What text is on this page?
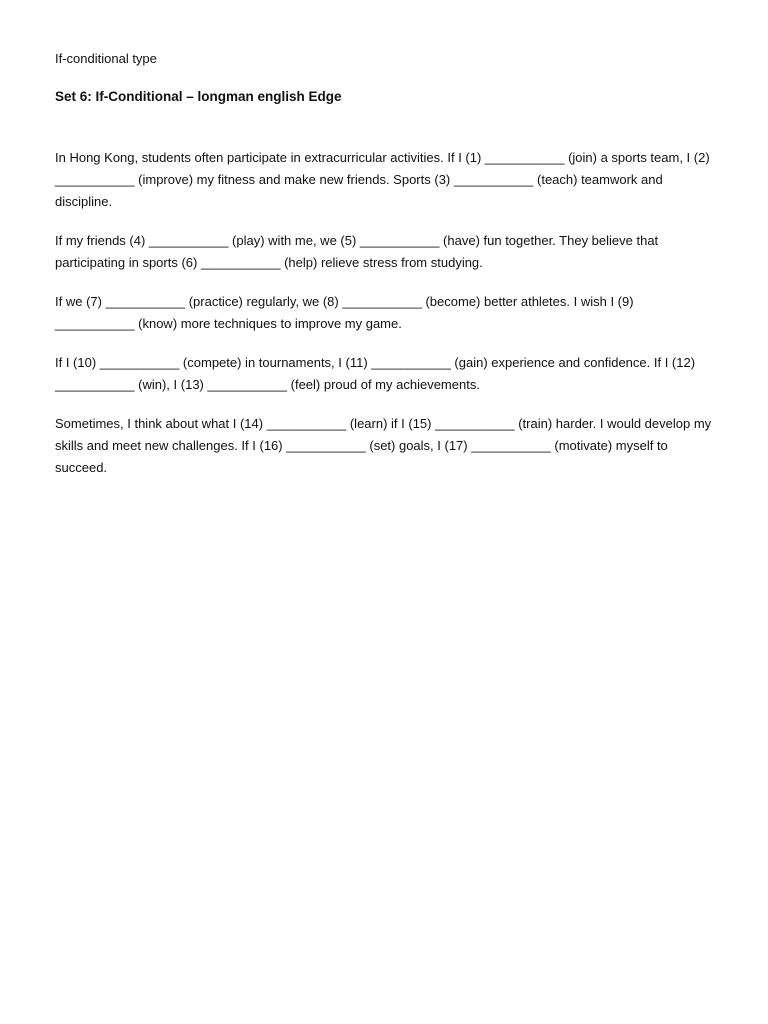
If-conditional type
Set 6: If-Conditional – longman english Edge

In Hong Kong, students often participate in extracurricular activities. If I (1) ___________ (join) a sports team, I (2) ___________ (improve) my fitness and make new friends. Sports (3) ___________ (teach) teamwork and discipline.

If my friends (4) ___________ (play) with me, we (5) ___________ (have) fun together. They believe that participating in sports (6) ___________ (help) relieve stress from studying.

If we (7) ___________ (practice) regularly, we (8) ___________ (become) better athletes. I wish I (9) ___________ (know) more techniques to improve my game.

If I (10) ___________ (compete) in tournaments, I (11) ___________ (gain) experience and confidence. If I (12) ___________ (win), I (13) ___________ (feel) proud of my achievements.

Sometimes, I think about what I (14) ___________ (learn) if I (15) ___________ (train) harder. I would develop my skills and meet new challenges. If I (16) ___________ (set) goals, I (17) ___________ (motivate) myself to succeed.
